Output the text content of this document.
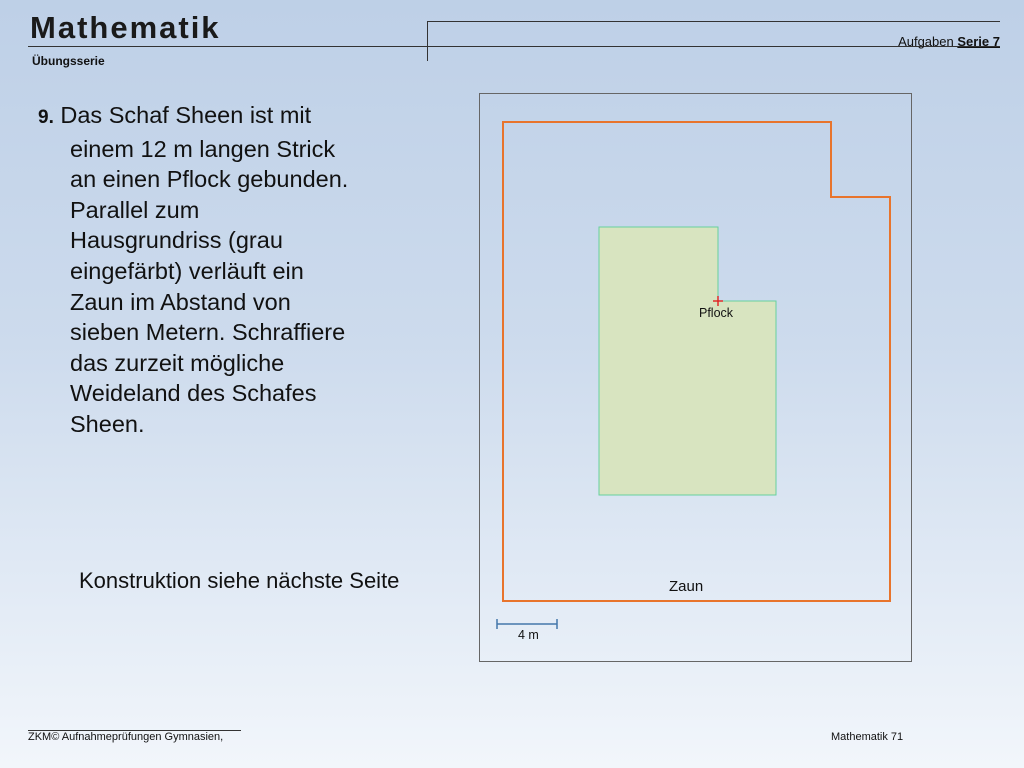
Mathematik
Übungsserie
Aufgaben Serie 7

9. Das Schaf Sheen ist mit
einem 12 m langen Strick
an einen Pflock gebunden.
Parallel zum
Hausgrundriss (grau
eingefärbt) verläuft ein
Zaun im Abstand von
sieben Metern. Schraffiere
das zurzeit mögliche
Weideland des Schafes
Sheen.

Konstruktion siehe nächste Seite
Pflock
Zaun
4 m
ZKM© Aufnahmeprüfungen Gymnasien,	Mathematik 71
